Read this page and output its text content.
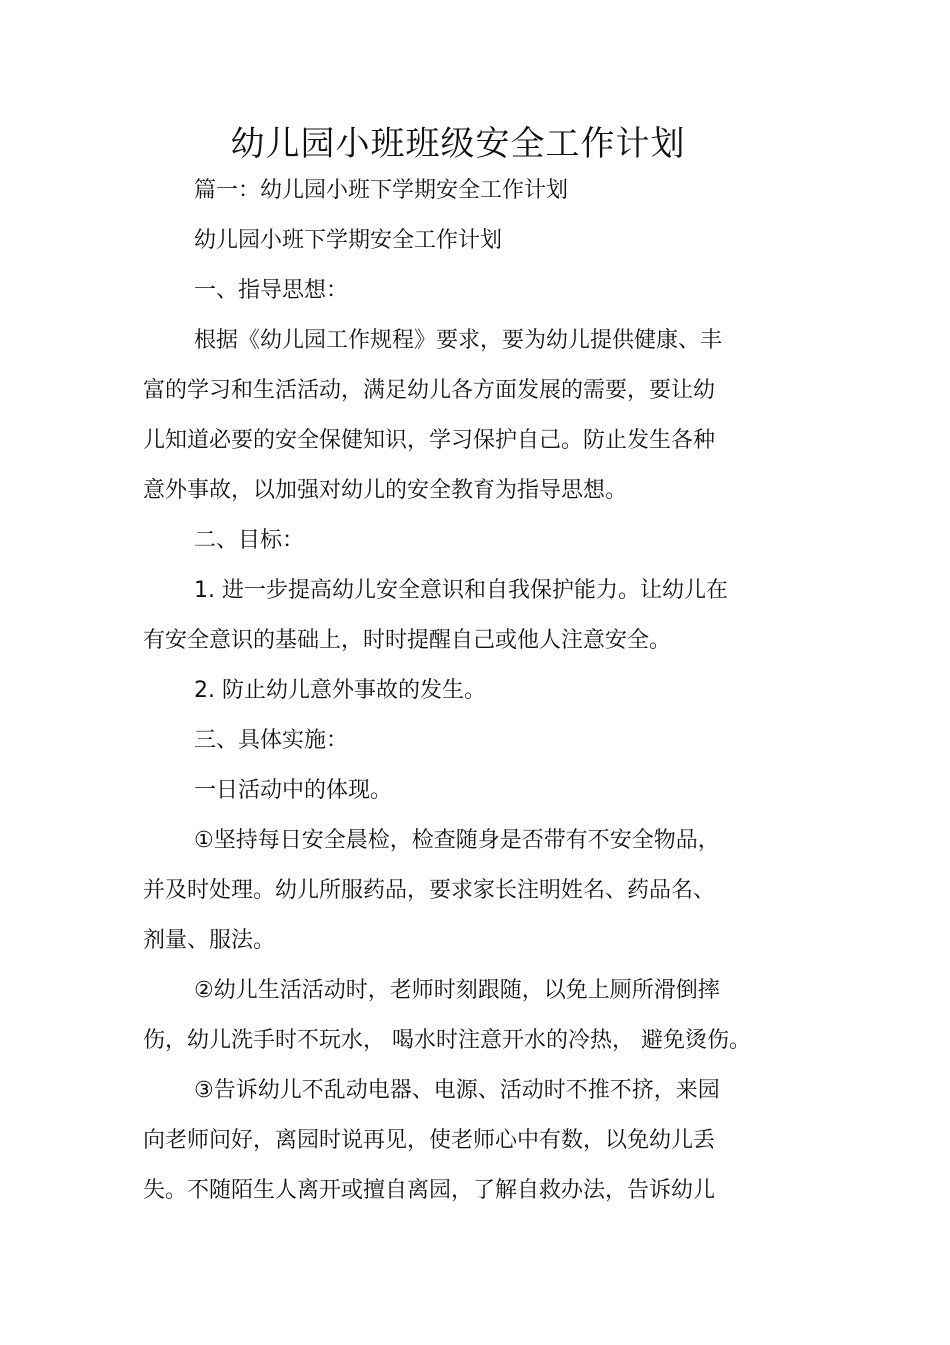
幼儿园小班班级安全工作计划
篇一：幼儿园小班下学期安全工作计划
幼儿园小班下学期安全工作计划
一、指导思想：
根据《幼儿园工作规程》要求，要为幼儿提供健康、丰
富的学习和生活活动，满足幼儿各方面发展的需要，要让幼
儿知道必要的安全保健知识，学习保护自己。防止发生各种
意外事故，以加强对幼儿的安全教育为指导思想。
二、目标：
1. 进一步提高幼儿安全意识和自我保护能力。让幼儿在
有安全意识的基础上，时时提醒自己或他人注意安全。
2. 防止幼儿意外事故的发生。
三、具体实施：
一日活动中的体现。
①坚持每日安全晨检，检查随身是否带有不安全物品，
并及时处理。幼儿所服药品，要求家长注明姓名、药品名、
剂量、服法。
②幼儿生活活动时，老师时刻跟随，以免上厕所滑倒摔
伤，幼儿洗手时不玩水， 喝水时注意开水的冷热， 避免烫伤。
③告诉幼儿不乱动电器、电源、活动时不推不挤，来园
向老师问好，离园时说再见，使老师心中有数，以免幼儿丢
失。不随陌生人离开或擅自离园，了解自救办法，告诉幼儿
